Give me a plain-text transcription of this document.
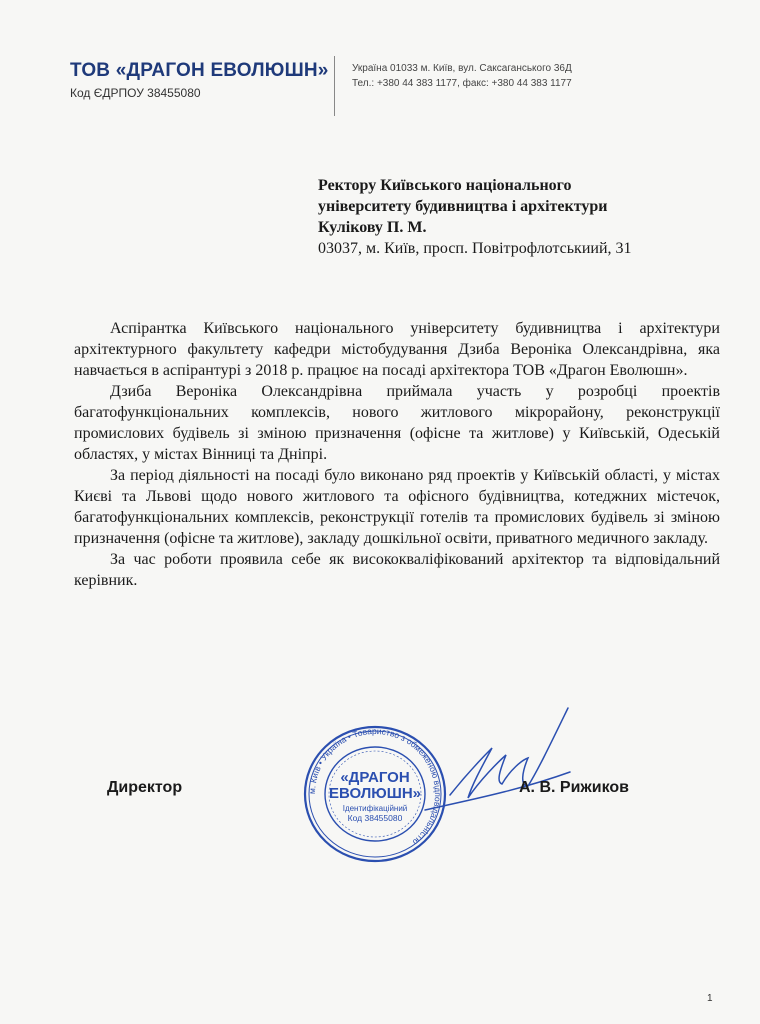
ТОВ «ДРАГОН ЕВОЛЮШН»
Код ЄДРПОУ 38455080
Україна 01033 м. Київ, вул. Саксаганського 36Д
Тел.: +380 44 383 1177, факс: +380 44 383 1177
Ректору Київського національного
університету будивництва і архітектури
Кулікову П. М.
03037, м. Київ, просп. Повітрофлотськиий, 31

Аспірантка Київського національного університету будивництва і архітектури архітектурного факультету кафедри містобудування Дзиба Вероніка Олександрівна, яка навчається в аспірантурі з 2018 р. працює на посаді архітектора ТОВ «Драгон Еволюшн».

Дзиба Вероніка Олександрівна приймала участь у розробці проектів багатофункціональних комплексів, нового житлового мікрорайону, реконструкції промислових будівель зі зміною призначення (офісне та житлове) у Київській, Одеській областях, у містах Вінниці та Дніпрі.

За період діяльності на посаді було виконано ряд проектів у Київській області, у містах Києві та Львові щодо нового житлового та офісного будівництва, котеджних містечок, багатофункціональних комплексів, реконструкції готелів та промислових будівель зі зміною призначення (офісне та житлове), закладу дошкільної освіти, приватного медичного закладу.

За час роботи проявила себе як висококваліфікований архітектор та відповідальний керівник.

Директор	м. Київ • Україна • Товариство з обмеженою відповідальністю
«ДРАГОН
ЕВОЛЮШН»
Ідентифікаційний
Код 38455080
А. В. Рижиков
1
